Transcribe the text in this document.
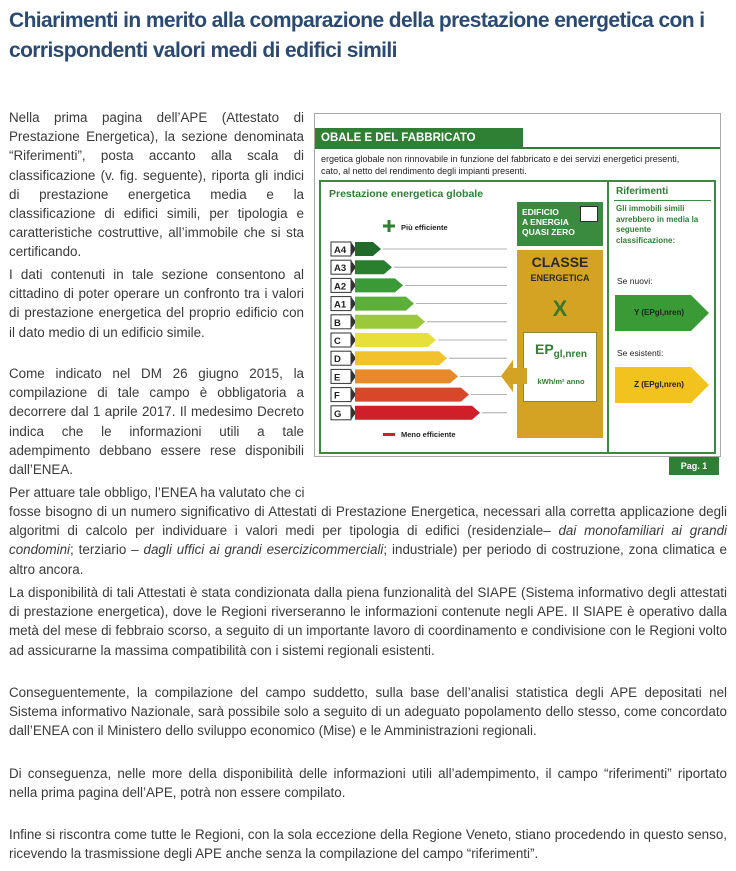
Chiarimenti in merito alla comparazione della prestazione energetica con i corrispondenti valori medi di edifici simili

Nella prima pagina dell’APE (Attestato di Prestazione Energetica), la sezione denominata “Riferimenti”, posta accanto alla scala di classificazione (v. fig. seguente), riporta gli indici di prestazione energetica media e la classificazione di edifici simili, per tipologia e caratteristiche costruttive, all’immobile che si sta certificando.

I dati contenuti in tale sezione consentono al cittadino di poter operare un confronto tra i valori di prestazione energetica del proprio edificio con il dato medio di un edificio simile.

Come indicato nel DM 26 giugno 2015, la compilazione di tale campo è obbligatoria a decorrere dal 1 aprile 2017. Il medesimo Decreto indica che le informazioni utili a tale adempimento debbano essere rese disponibili dall’ENEA.

Per attuare tale obbligo, l’ENEA ha valutato che ci

fosse bisogno di un numero significativo di Attestati di Prestazione Energetica, necessari alla corretta applicazione degli algoritmi di calcolo per individuare i valori medi per tipologia di edifici (residenziale– dai monofamiliari ai grandi condomini; terziario – dagli uffici ai grandi esercizicommerciali; industriale) per periodo di costruzione, zona climatica e altro ancora.

La disponibilità di tali Attestati è stata condizionata dalla piena funzionalità del SIAPE (Sistema informativo degli attestati di prestazione energetica), dove le Regioni riverseranno le informazioni contenute negli APE. Il SIAPE è operativo dalla metà del mese di febbraio scorso, a seguito di un importante lavoro di coordinamento e condivisione con le Regioni volto ad assicurarne la massima compatibilità con i sistemi regionali esistenti.

Conseguentemente, la compilazione del campo suddetto, sulla base dell’analisi statistica degli APE depositati nel Sistema informativo Nazionale, sarà possibile solo a seguito di un adeguato popolamento dello stesso, come concordato dall’ENEA con il Ministero dello sviluppo economico (Mise) e le Amministrazioni regionali.

Di conseguenza, nelle more della disponibilità delle informazioni utili all’adempimento, il campo “riferimenti” riportato nella prima pagina dell’APE, potrà non essere compilato.

Infine si riscontra come tutte le Regioni, con la sola eccezione della Regione Veneto, stiano procedendo in questo senso, ricevendo la trasmissione degli APE anche senza la compilazione del campo “riferimenti”.

OBALE E DEL FABBRICATO
ergetica globale non rinnovabile in funzione del fabbricato e dei servizi energetici presenti,
cato, al netto del rendimento degli impianti presenti.
Prestazione energetica globale
Più efficiente
A4
A3
A2
A1
B
C
D
E
F
G
Meno efficiente
EDIFICIO
A ENERGIA
QUASI ZERO
CLASSE
ENERGETICA
X
$EP_{gl,nren}$
kWh/m² anno
Riferimenti
Gli immobili simili avrebbero in media la seguente classificazione:
Se nuovi:
Y (EPgl,nren)
Se esistenti:
Z (EPgl,nren)
Pag. 1
